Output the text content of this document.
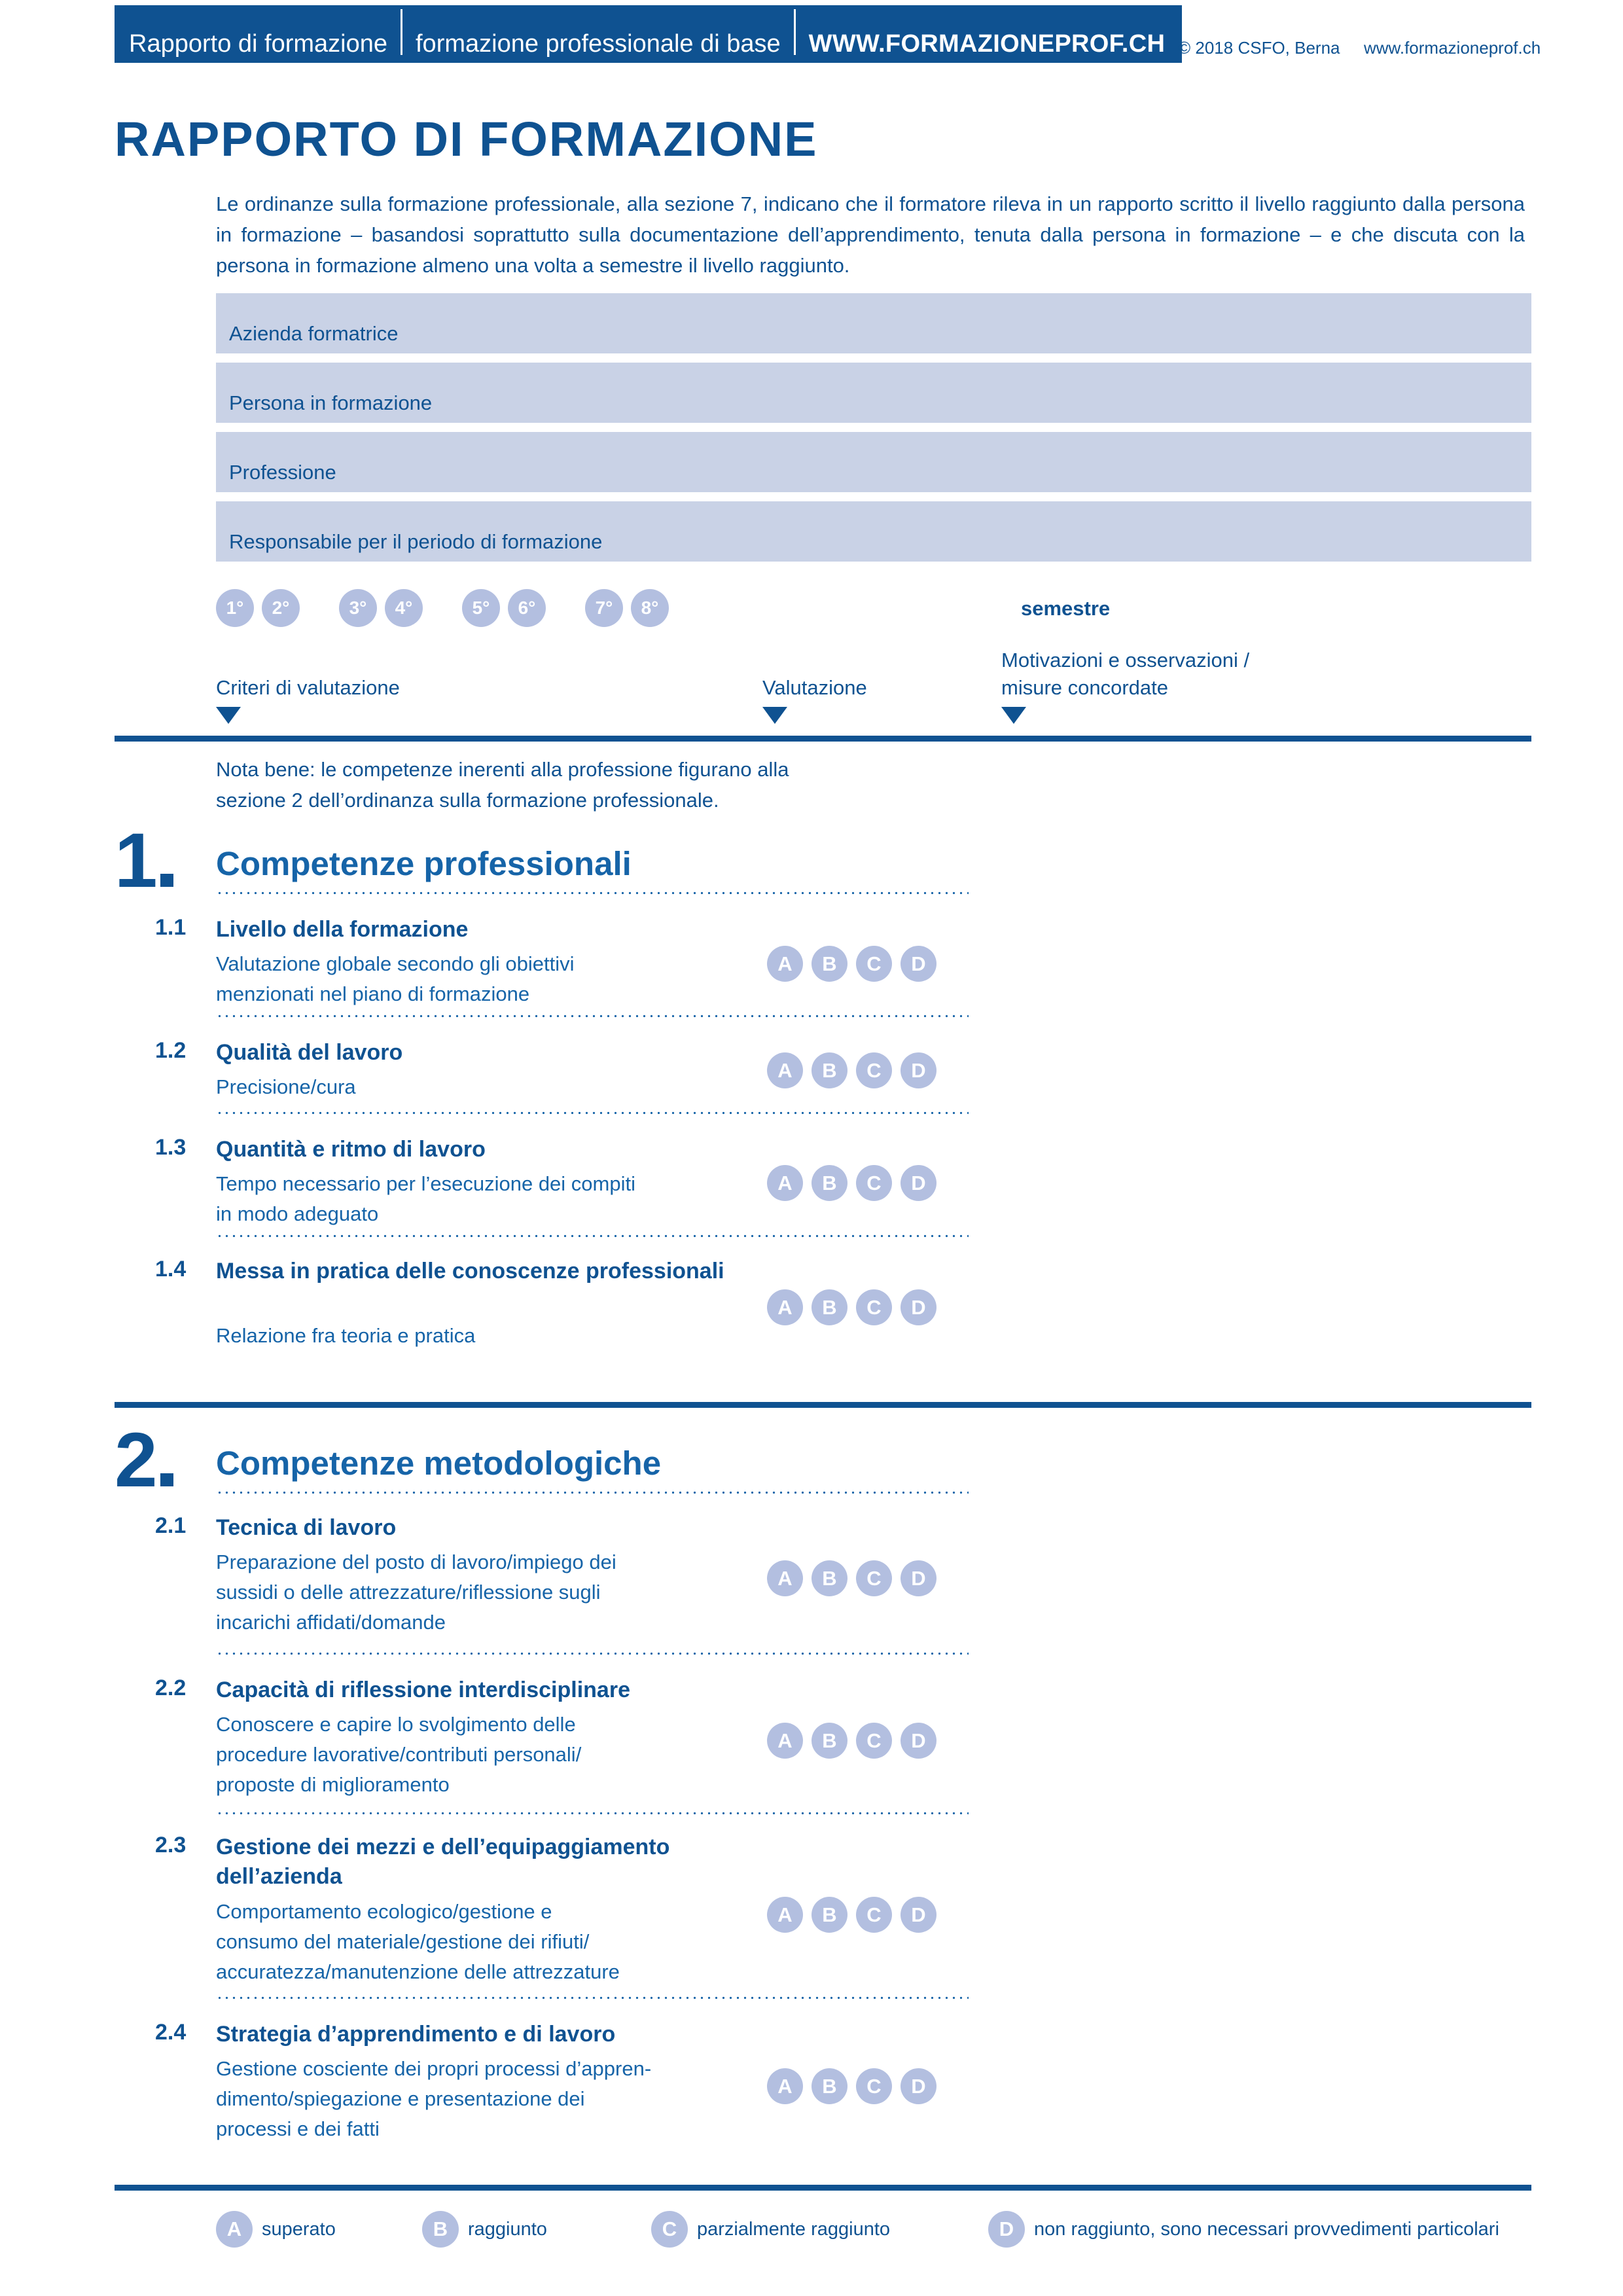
Rapporto di formazione	formazione professionale di base	WWW.FORMAZIONEPROF.CH © 2018 CSFO, Berna www.formazioneprof.ch
RAPPORTO DI FORMAZIONE
Le ordinanze sulla formazione professionale, alla sezione 7, indicano che il formatore rileva in un rapporto scritto il livello raggiunto dalla persona in formazione – basandosi soprattutto sulla documentazione dell’apprendimento, tenuta dalla persona in formazione – e che discuta con la persona in formazione almeno una volta a semestre il livello raggiunto.
Azienda formatrice
Persona in formazione
Professione
Responsabile per il periodo di formazione
1°	2°	3°	4°	5°	6°	7°	8°	semestre
Criteri di valutazione	Valutazione
Motivazioni e osservazioni /
misure concordate
Nota bene: le competenze inerenti alla professione figurano alla
sezione 2 dell’ordinanza sulla formazione professionale.
1	Competenze professionali
1.1 Livello della formazione
Valutazione globale secondo gli obiettivi
menzionati nel piano di formazione
A	B	C	D
1.2 Qualità del lavoro
Precisione/cura
A	B	C	D
1.3 Quantità e ritmo di lavoro
Tempo necessario per l’esecuzione dei compiti
in modo adeguato
A	B	C	D
1.4 Messa in pratica delle conoscenze professionali
Relazione fra teoria e pratica
A	B	C	D
2	Competenze metodologiche
2.1 Tecnica di lavoro
Preparazione del posto di lavoro/impiego dei
sussidi o delle attrezzature/riflessione sugli
incarichi affidati/domande
A	B	C	D
2.2 Capacità di riflessione interdisciplinare
Conoscere e capire lo svolgimento delle
procedure lavorative/contributi personali/
proposte di miglioramento
A	B	C	D
2.3 Gestione dei mezzi e dell’equipaggiamento dell’azienda
Comportamento ecologico/gestione e
consumo del materiale/gestione dei rifiuti/
accuratezza/manutenzione delle attrezzature
A	B	C	D
2.4 Strategia d’apprendimento e di lavoro
Gestione cosciente dei propri processi d’appren-
dimento/spiegazione e presentazione dei
processi e dei fatti
A	B	C	D
A	superato	B	raggiunto	C	parzialmente raggiunto	D	non raggiunto, sono necessari provvedimenti particolari
